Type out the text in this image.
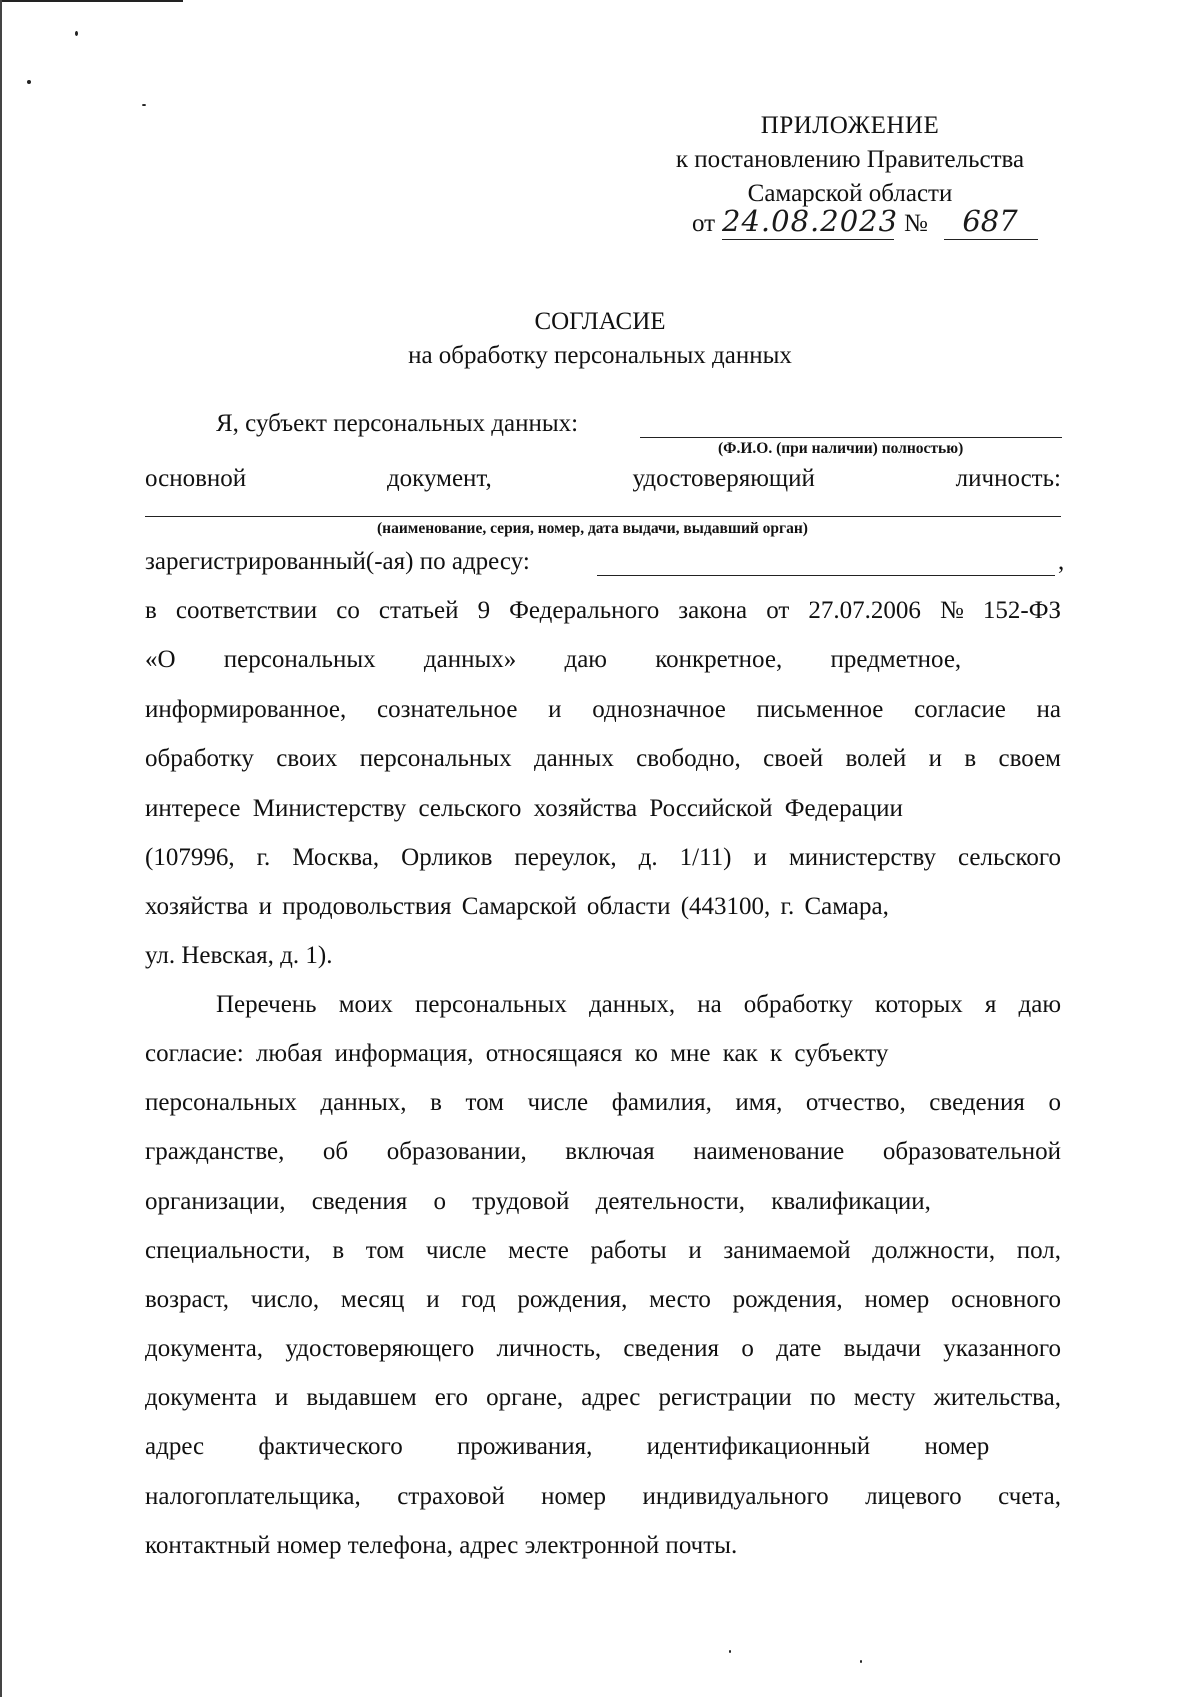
ПРИЛОЖЕНИЕ
к постановлению Правительства
Самарской области
от 24.08.2023 №	687
СОГЛАСИЕ
на обработку персональных данных
Я, субъект персональных данных:
(Ф.И.О. (при наличии) полностью)
основной	документ,	удостоверяющий	личность:
(наименование, серия, номер, дата выдачи, выдавший орган)
зарегистрированный(-ая) по адресу:	,
в соответствии со статьей 9 Федерального закона от 27.07.2006 № 152-ФЗ
«О персональных данных» даю конкретное, предметное,
информированное, сознательное и однозначное письменное согласие на
обработку своих персональных данных свободно, своей волей и в своем
интересе Министерству сельского хозяйства Российской Федерации
(107996, г. Москва, Орликов переулок, д. 1/11) и министерству сельского
хозяйства и продовольствия Самарской области (443100, г. Самара,
ул. Невская, д. 1).
Перечень моих персональных данных, на обработку которых я даю
согласие: любая информация, относящаяся ко мне как к субъекту
персональных данных, в том числе фамилия, имя, отчество, сведения о
гражданстве, об образовании, включая наименование образовательной
организации, сведения о трудовой деятельности, квалификации,
специальности, в том числе месте работы и занимаемой должности, пол,
возраст, число, месяц и год рождения, место рождения, номер основного
документа, удостоверяющего личность, сведения о дате выдачи указанного
документа и выдавшем его органе, адрес регистрации по месту жительства,
адрес фактического проживания, идентификационный номер
налогоплательщика, страховой номер индивидуального лицевого счета,
контактный номер телефона, адрес электронной почты.
